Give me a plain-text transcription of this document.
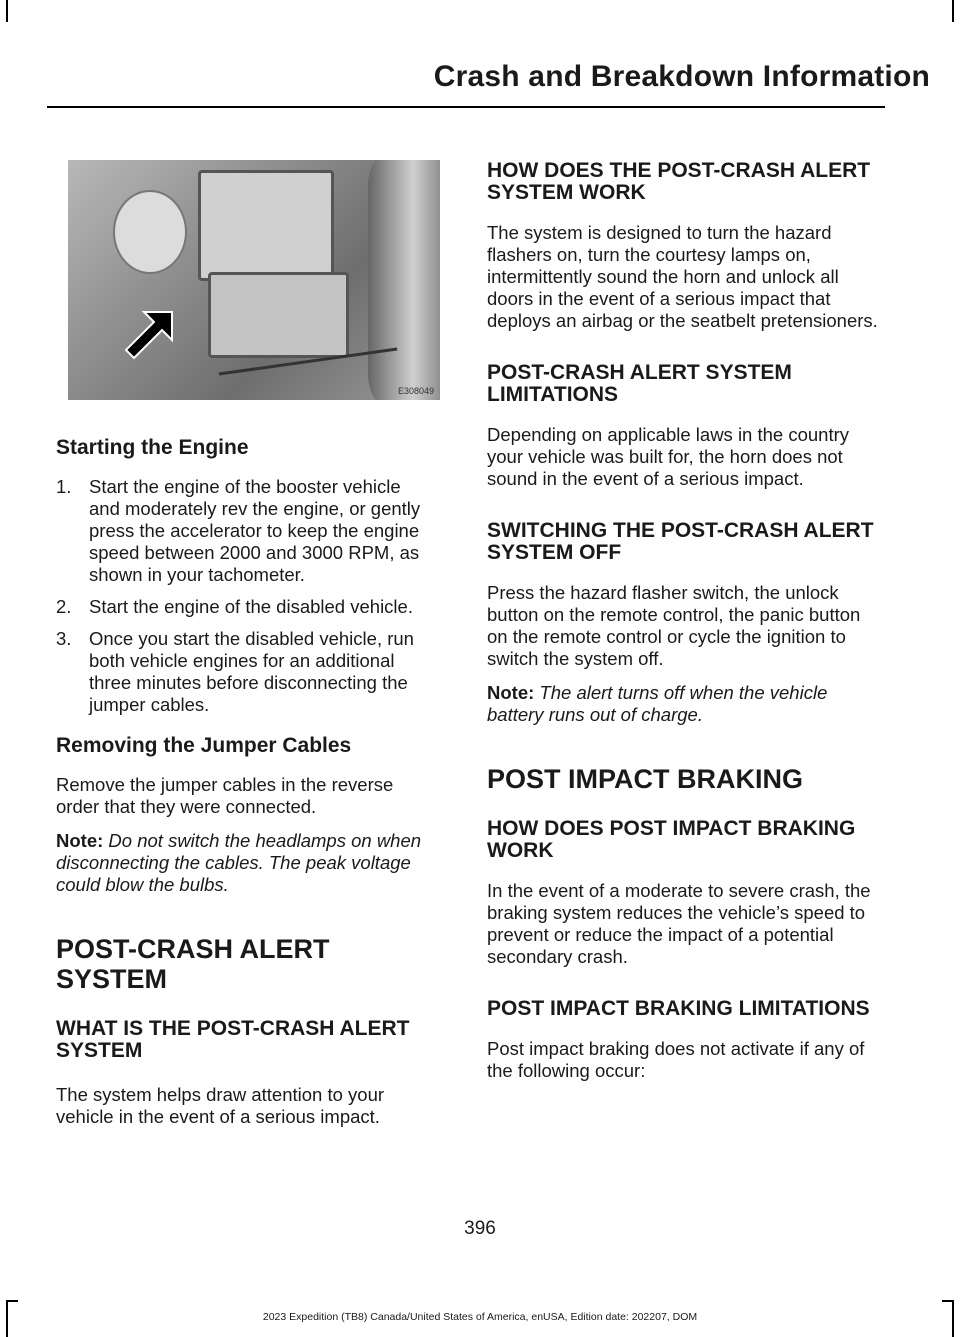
Crash and Breakdown Information
E308049
Starting the Engine
1. Start the engine of the booster vehicle and moderately rev the engine, or gently press the accelerator to keep the engine speed between 2000 and 3000 RPM, as shown in your tachometer.
2. Start the engine of the disabled vehicle.
3. Once you start the disabled vehicle, run both vehicle engines for an additional three minutes before disconnecting the jumper cables.
Removing the Jumper Cables

Remove the jumper cables in the reverse order that they were connected.

Note: Do not switch the headlamps on when disconnecting the cables. The peak voltage could blow the bulbs.

POST-CRASH ALERT SYSTEM
WHAT IS THE POST-CRASH ALERT SYSTEM

The system helps draw attention to your vehicle in the event of a serious impact.

HOW DOES THE POST-CRASH ALERT SYSTEM WORK

The system is designed to turn the hazard flashers on, turn the courtesy lamps on, intermittently sound the horn and unlock all doors in the event of a serious impact that deploys an airbag or the seatbelt pretensioners.

POST-CRASH ALERT SYSTEM LIMITATIONS

Depending on applicable laws in the country your vehicle was built for, the horn does not sound in the event of a serious impact.

SWITCHING THE POST-CRASH ALERT SYSTEM OFF

Press the hazard flasher switch, the unlock button on the remote control, the panic button on the remote control or cycle the ignition to switch the system off.

Note: The alert turns off when the vehicle battery runs out of charge.

POST IMPACT BRAKING
HOW DOES POST IMPACT BRAKING WORK

In the event of a moderate to severe crash, the braking system reduces the vehicle’s speed to prevent or reduce the impact of a potential secondary crash.

POST IMPACT BRAKING LIMITATIONS

Post impact braking does not activate if any of the following occur:

396
2023 Expedition (TB8) Canada/United States of America, enUSA, Edition date: 202207, DOM
